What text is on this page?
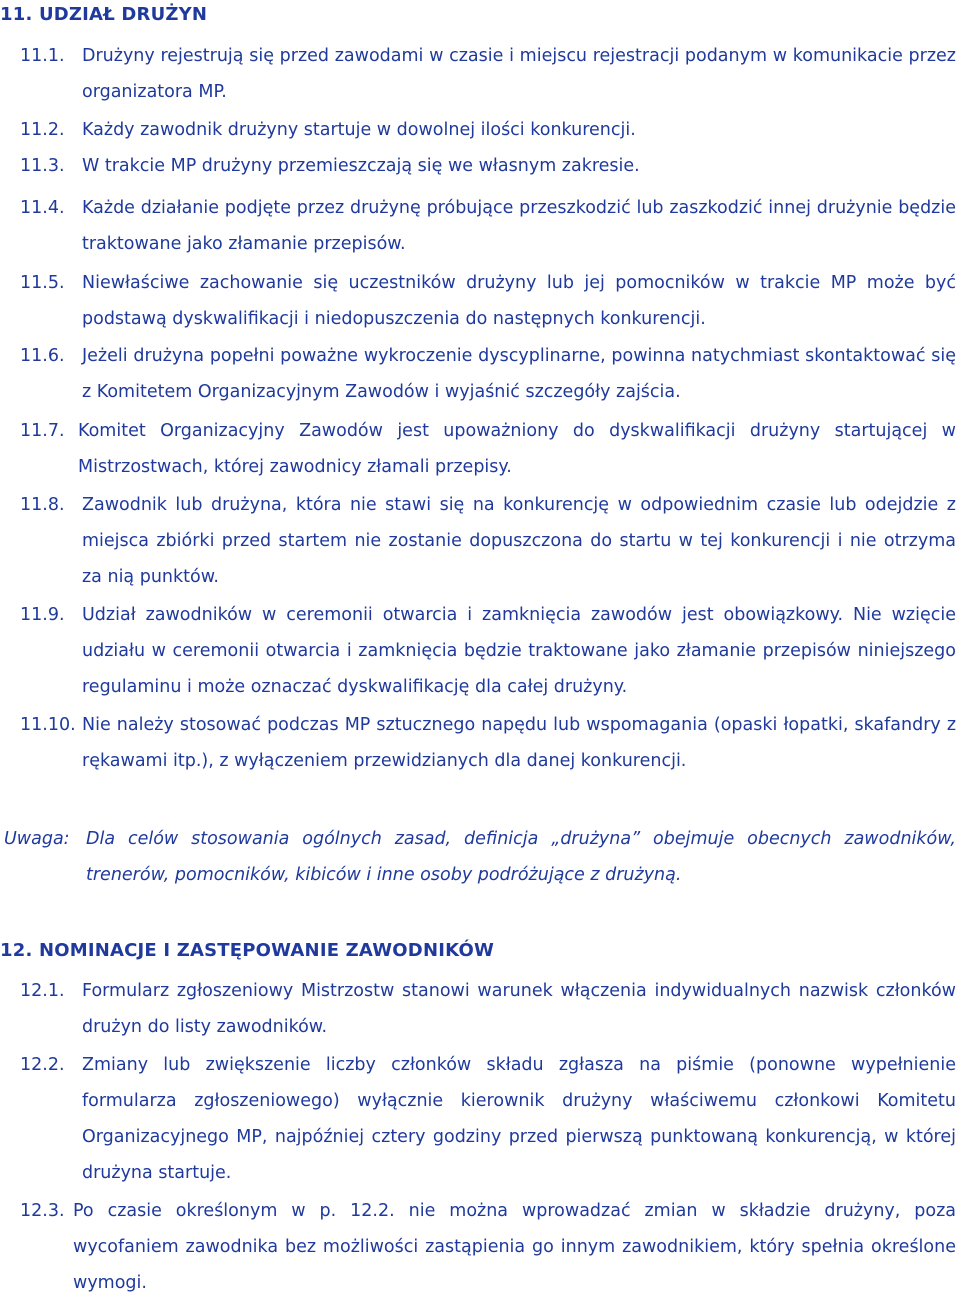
11. UDZIAŁ DRUŻYN
11.1. Drużyny rejestrują się przed zawodami w czasie i miejscu rejestracji podanym w komunikacie przez organizatora MP.
11.2. Każdy zawodnik drużyny startuje w dowolnej ilości konkurencji.
11.3. W trakcie MP drużyny przemieszczają się we własnym zakresie.
11.4. Każde działanie podjęte przez drużynę próbujące przeszkodzić lub zaszkodzić innej drużynie będzie traktowane jako złamanie przepisów.
11.5. Niewłaściwe zachowanie się uczestników drużyny lub jej pomocników w trakcie MP może być podstawą dyskwalifikacji i niedopuszczenia do następnych konkurencji.
11.6. Jeżeli drużyna popełni poważne wykroczenie dyscyplinarne, powinna natychmiast skontaktować się z Komitetem Organizacyjnym Zawodów i wyjaśnić szczegóły zajścia.
11.7. Komitet Organizacyjny Zawodów jest upoważniony do dyskwalifikacji drużyny startującej w Mistrzostwach, której zawodnicy złamali przepisy.
11.8. Zawodnik lub drużyna, która nie stawi się na konkurencję w odpowiednim czasie lub odejdzie z miejsca zbiórki przed startem nie zostanie dopuszczona do startu w tej konkurencji i nie otrzyma za nią punktów.
11.9. Udział zawodników w ceremonii otwarcia i zamknięcia zawodów jest obowiązkowy. Nie wzięcie udziału w ceremonii otwarcia i zamknięcia będzie traktowane jako złamanie przepisów niniejszego regulaminu i może oznaczać dyskwalifikację dla całej drużyny.
11.10. Nie należy stosować podczas MP sztucznego napędu lub wspomagania (opaski łopatki, skafandry z rękawami itp.), z wyłączeniem przewidzianych dla danej konkurencji.
Uwaga: Dla celów stosowania ogólnych zasad, definicja „drużyna” obejmuje obecnych zawodników, trenerów, pomocników, kibiców i inne osoby podróżujące z drużyną.
12. NOMINACJE I ZASTĘPOWANIE ZAWODNIKÓW
12.1. Formularz zgłoszeniowy Mistrzostw stanowi warunek włączenia indywidualnych nazwisk członków drużyn do listy zawodników.
12.2. Zmiany lub zwiększenie liczby członków składu zgłasza na piśmie (ponowne wypełnienie formularza zgłoszeniowego) wyłącznie kierownik drużyny właściwemu członkowi Komitetu Organizacyjnego MP, najpóźniej cztery godziny przed pierwszą punktowaną konkurencją, w której drużyna startuje.
12.3. Po czasie określonym w p. 12.2. nie można wprowadzać zmian w składzie drużyny, poza wycofaniem zawodnika bez możliwości zastąpienia go innym zawodnikiem, który spełnia określone wymogi.
